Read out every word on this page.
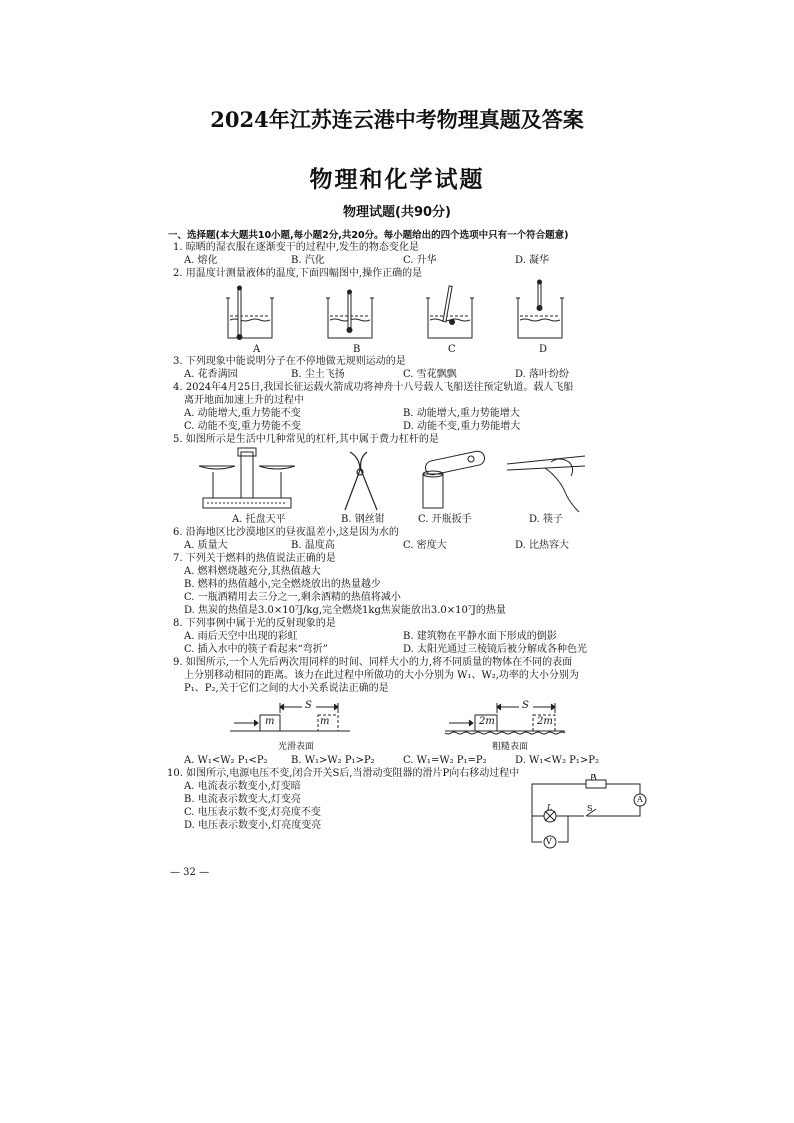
2024年江苏连云港中考物理真题及答案
物理和化学试题
物理试题(共90分)
一、选择题(本大题共10小题,每小题2分,共20分。每小题给出的四个选项中只有一个符合题意)
1. 晾晒的湿衣服在逐渐变干的过程中,发生的物态变化是
A. 熔化	B. 汽化	C. 升华	D. 凝华
2. 用温度计测量液体的温度,下面四幅图中,操作正确的是
A	B	C	D
3. 下列现象中能说明分子在不停地做无规则运动的是
A. 花香满园	B. 尘土飞扬	C. 雪花飘飘	D. 落叶纷纷
4. 2024年4月25日,我国长征运载火箭成功将神舟十八号载人飞船送往预定轨道。载人飞船
离开地面加速上升的过程中
A. 动能增大,重力势能不变	B. 动能增大,重力势能增大
C. 动能不变,重力势能不变	D. 动能不变,重力势能增大
5. 如图所示是生活中几种常见的杠杆,其中属于费力杠杆的是
A. 托盘天平	B. 钢丝钳	C. 开瓶扳手	D. 筷子
6. 沿海地区比沙漠地区的昼夜温差小,这是因为水的
A. 质量大	B. 温度高	C. 密度大	D. 比热容大
7. 下列关于燃料的热值说法正确的是
A. 燃料燃烧越充分,其热值越大
B. 燃料的热值越小,完全燃烧放出的热量越少
C. 一瓶酒精用去三分之一,剩余酒精的热值将减小
D. 焦炭的热值是3.0×10⁷J/kg,完全燃烧1kg焦炭能放出3.0×10⁷J的热量
8. 下列事例中属于光的反射现象的是
A. 雨后天空中出现的彩虹	B. 建筑物在平静水面下形成的倒影
C. 插入水中的筷子看起来“弯折”	D. 太阳光通过三棱镜后被分解成各种色光
9. 如图所示,一个人先后两次用同样的时间、同样大小的力,将不同质量的物体在不同的表面
上分别移动相同的距离。该力在此过程中所做功的大小分别为 W₁、W₂,功率的大小分别为
P₁、P₂,关于它们之间的大小关系说法正确的是
m	m
S
光滑表面
2m	2m
S
粗糙表面
A. W₁<W₂ P₁<P₂ B. W₁>W₂ P₁>P₂	C. W₁=W₂ P₁=P₂	D. W₁<W₂ P₁>P₂
10. 如图所示,电源电压不变,闭合开关S后,当滑动变阻器的滑片P向右移动过程中
A. 电流表示数变小,灯变暗
B. 电流表示数变大,灯变亮
C. 电压表示数不变,灯亮度不变
D. 电压表示数变小,灯亮度变亮
P
A
L	S
V
— 32 —
